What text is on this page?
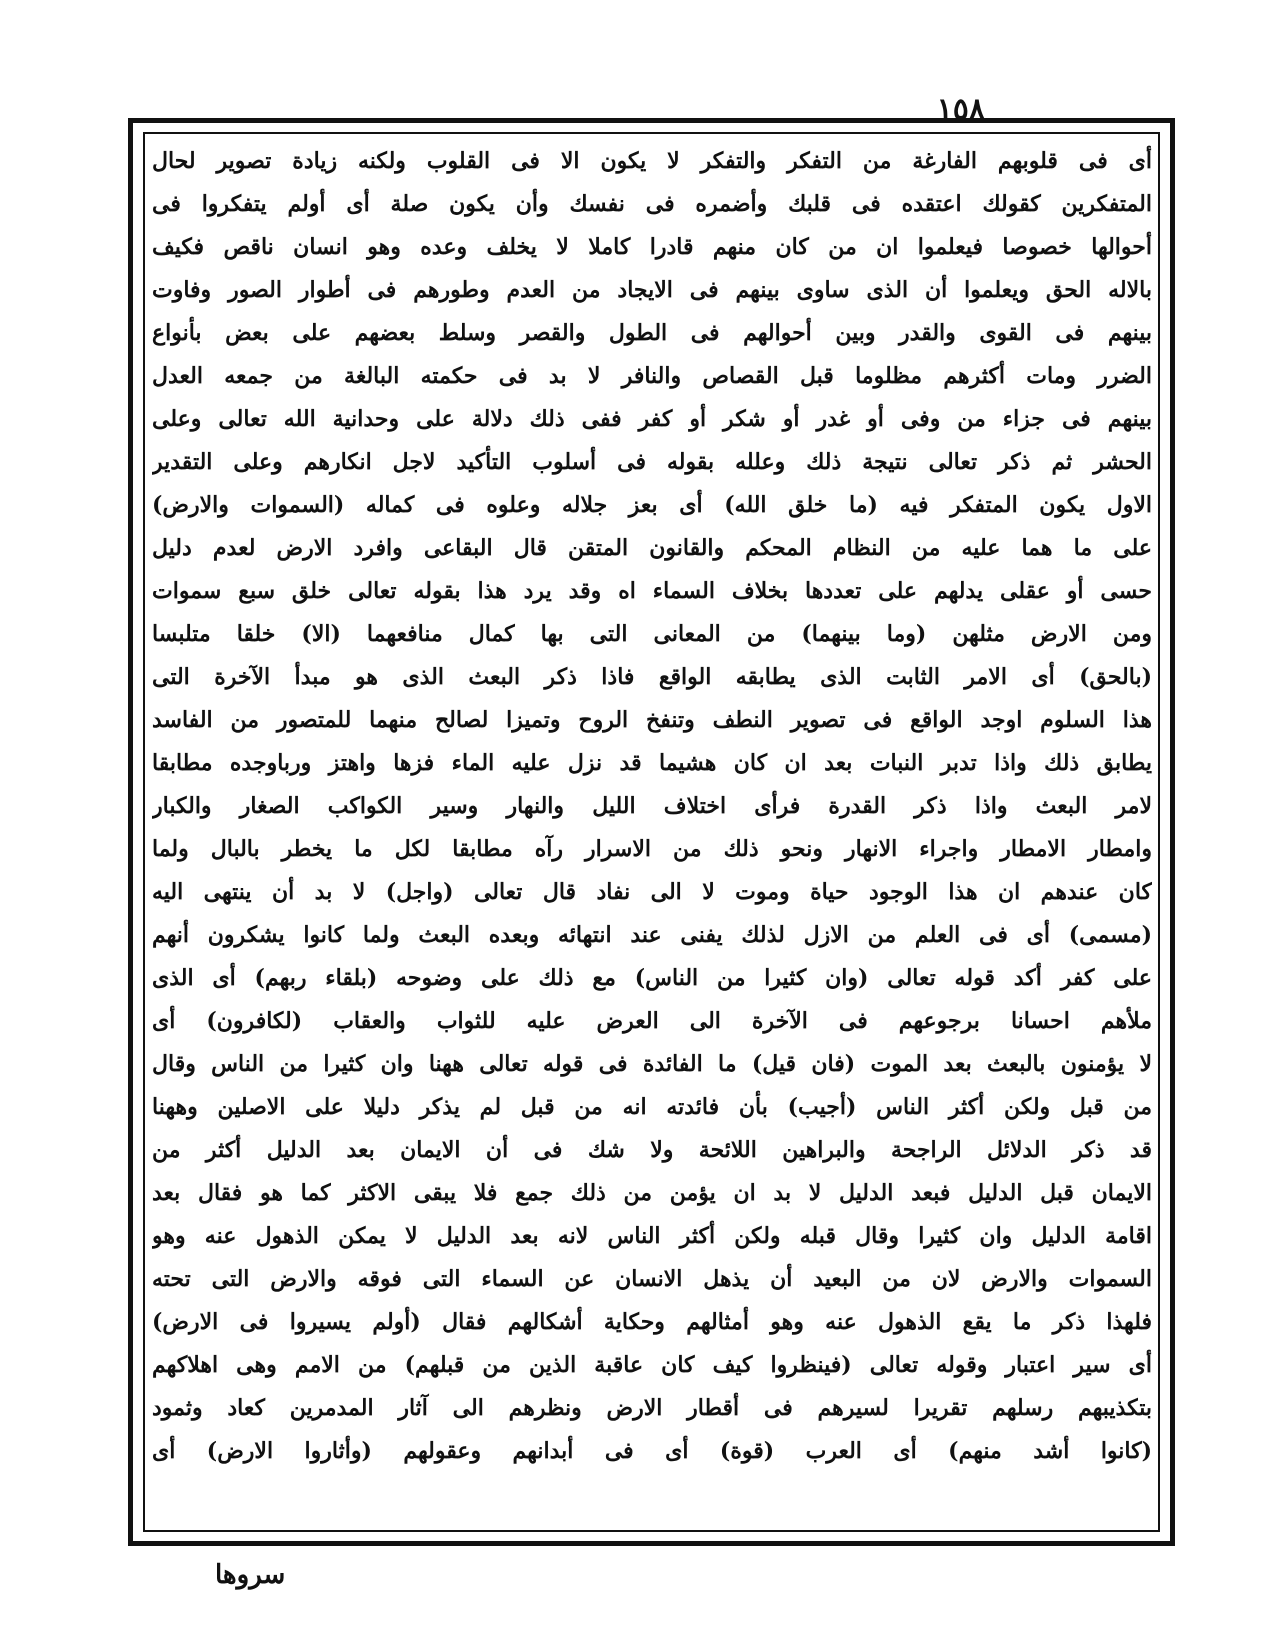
١٥٨
أى فى قلوبهم الفارغة من التفكر والتفكر لا يكون الا فى القلوب ولكنه زيادة تصوير لحال
المتفكرين كقولك اعتقده فى قلبك وأضمره فى نفسك وأن يكون صلة أى أولم يتفكروا فى
أحوالها خصوصا فيعلموا ان من كان منهم قادرا كاملا لا يخلف وعده وهو انسان ناقص فكيف
بالاله الحق ويعلموا أن الذى ساوى بينهم فى الايجاد من العدم وطورهم فى أطوار الصور وفاوت
بينهم فى القوى والقدر وبين أحوالهم فى الطول والقصر وسلط بعضهم على بعض بأنواع
الضرر ومات أكثرهم مظلوما قبل القصاص والنافر لا بد فى حكمته البالغة من جمعه العدل
بينهم فى جزاء من وفى أو غدر أو شكر أو كفر ففى ذلك دلالة على وحدانية الله تعالى وعلى
الحشر ثم ذكر تعالى نتيجة ذلك وعلله بقوله فى أسلوب التأكيد لاجل انكارهم وعلى التقدير
الاول يكون المتفكر فيه (ما خلق الله) أى بعز جلاله وعلوه فى كماله (السموات والارض)
على ما هما عليه من النظام المحكم والقانون المتقن قال البقاعى وافرد الارض لعدم دليل
حسى أو عقلى يدلهم على تعددها بخلاف السماء اه وقد يرد هذا بقوله تعالى خلق سبع سموات
ومن الارض مثلهن (وما بينهما) من المعانى التى بها كمال منافعهما (الا) خلقا متلبسا
(بالحق) أى الامر الثابت الذى يطابقه الواقع فاذا ذكر البعث الذى هو مبدأ الآخرة التى
هذا السلوم اوجد الواقع فى تصوير النطف وتنفخ الروح وتميزا لصالح منهما للمتصور من الفاسد
يطابق ذلك واذا تدبر النبات بعد ان كان هشيما قد نزل عليه الماء فزها واهتز ورباوجده مطابقا
لامر البعث واذا ذكر القدرة فرأى اختلاف الليل والنهار وسير الكواكب الصغار والكبار
وامطار الامطار واجراء الانهار ونحو ذلك من الاسرار رآه مطابقا لكل ما يخطر بالبال ولما
كان عندهم ان هذا الوجود حياة وموت لا الى نفاد قال تعالى (واجل) لا بد أن ينتهى اليه
(مسمى) أى فى العلم من الازل لذلك يفنى عند انتهائه وبعده البعث ولما كانوا يشكرون أنهم
على كفر أكد قوله تعالى (وان كثيرا من الناس) مع ذلك على وضوحه (بلقاء ربهم) أى الذى
ملأهم احسانا برجوعهم فى الآخرة الى العرض عليه للثواب والعقاب (لكافرون) أى
لا يؤمنون بالبعث بعد الموت (فان قيل) ما الفائدة فى قوله تعالى ههنا وان كثيرا من الناس وقال
من قبل ولكن أكثر الناس (أجيب) بأن فائدته انه من قبل لم يذكر دليلا على الاصلين وههنا
قد ذكر الدلائل الراجحة والبراهين اللائحة ولا شك فى أن الايمان بعد الدليل أكثر من
الايمان قبل الدليل فبعد الدليل لا بد ان يؤمن من ذلك جمع فلا يبقى الاكثر كما هو فقال بعد
اقامة الدليل وان كثيرا وقال قبله ولكن أكثر الناس لانه بعد الدليل لا يمكن الذهول عنه وهو
السموات والارض لان من البعيد أن يذهل الانسان عن السماء التى فوقه والارض التى تحته
فلهذا ذكر ما يقع الذهول عنه وهو أمثالهم وحكاية أشكالهم فقال (أولم يسيروا فى الارض)
أى سير اعتبار وقوله تعالى (فينظروا كيف كان عاقبة الذين من قبلهم) من الامم وهى اهلاكهم
بتكذيبهم رسلهم تقريرا لسيرهم فى أقطار الارض ونظرهم الى آثار المدمرين كعاد وثمود
(كانوا أشد منهم) أى العرب (قوة) أى فى أبدانهم وعقولهم (وأثاروا الارض) أى
سروها
